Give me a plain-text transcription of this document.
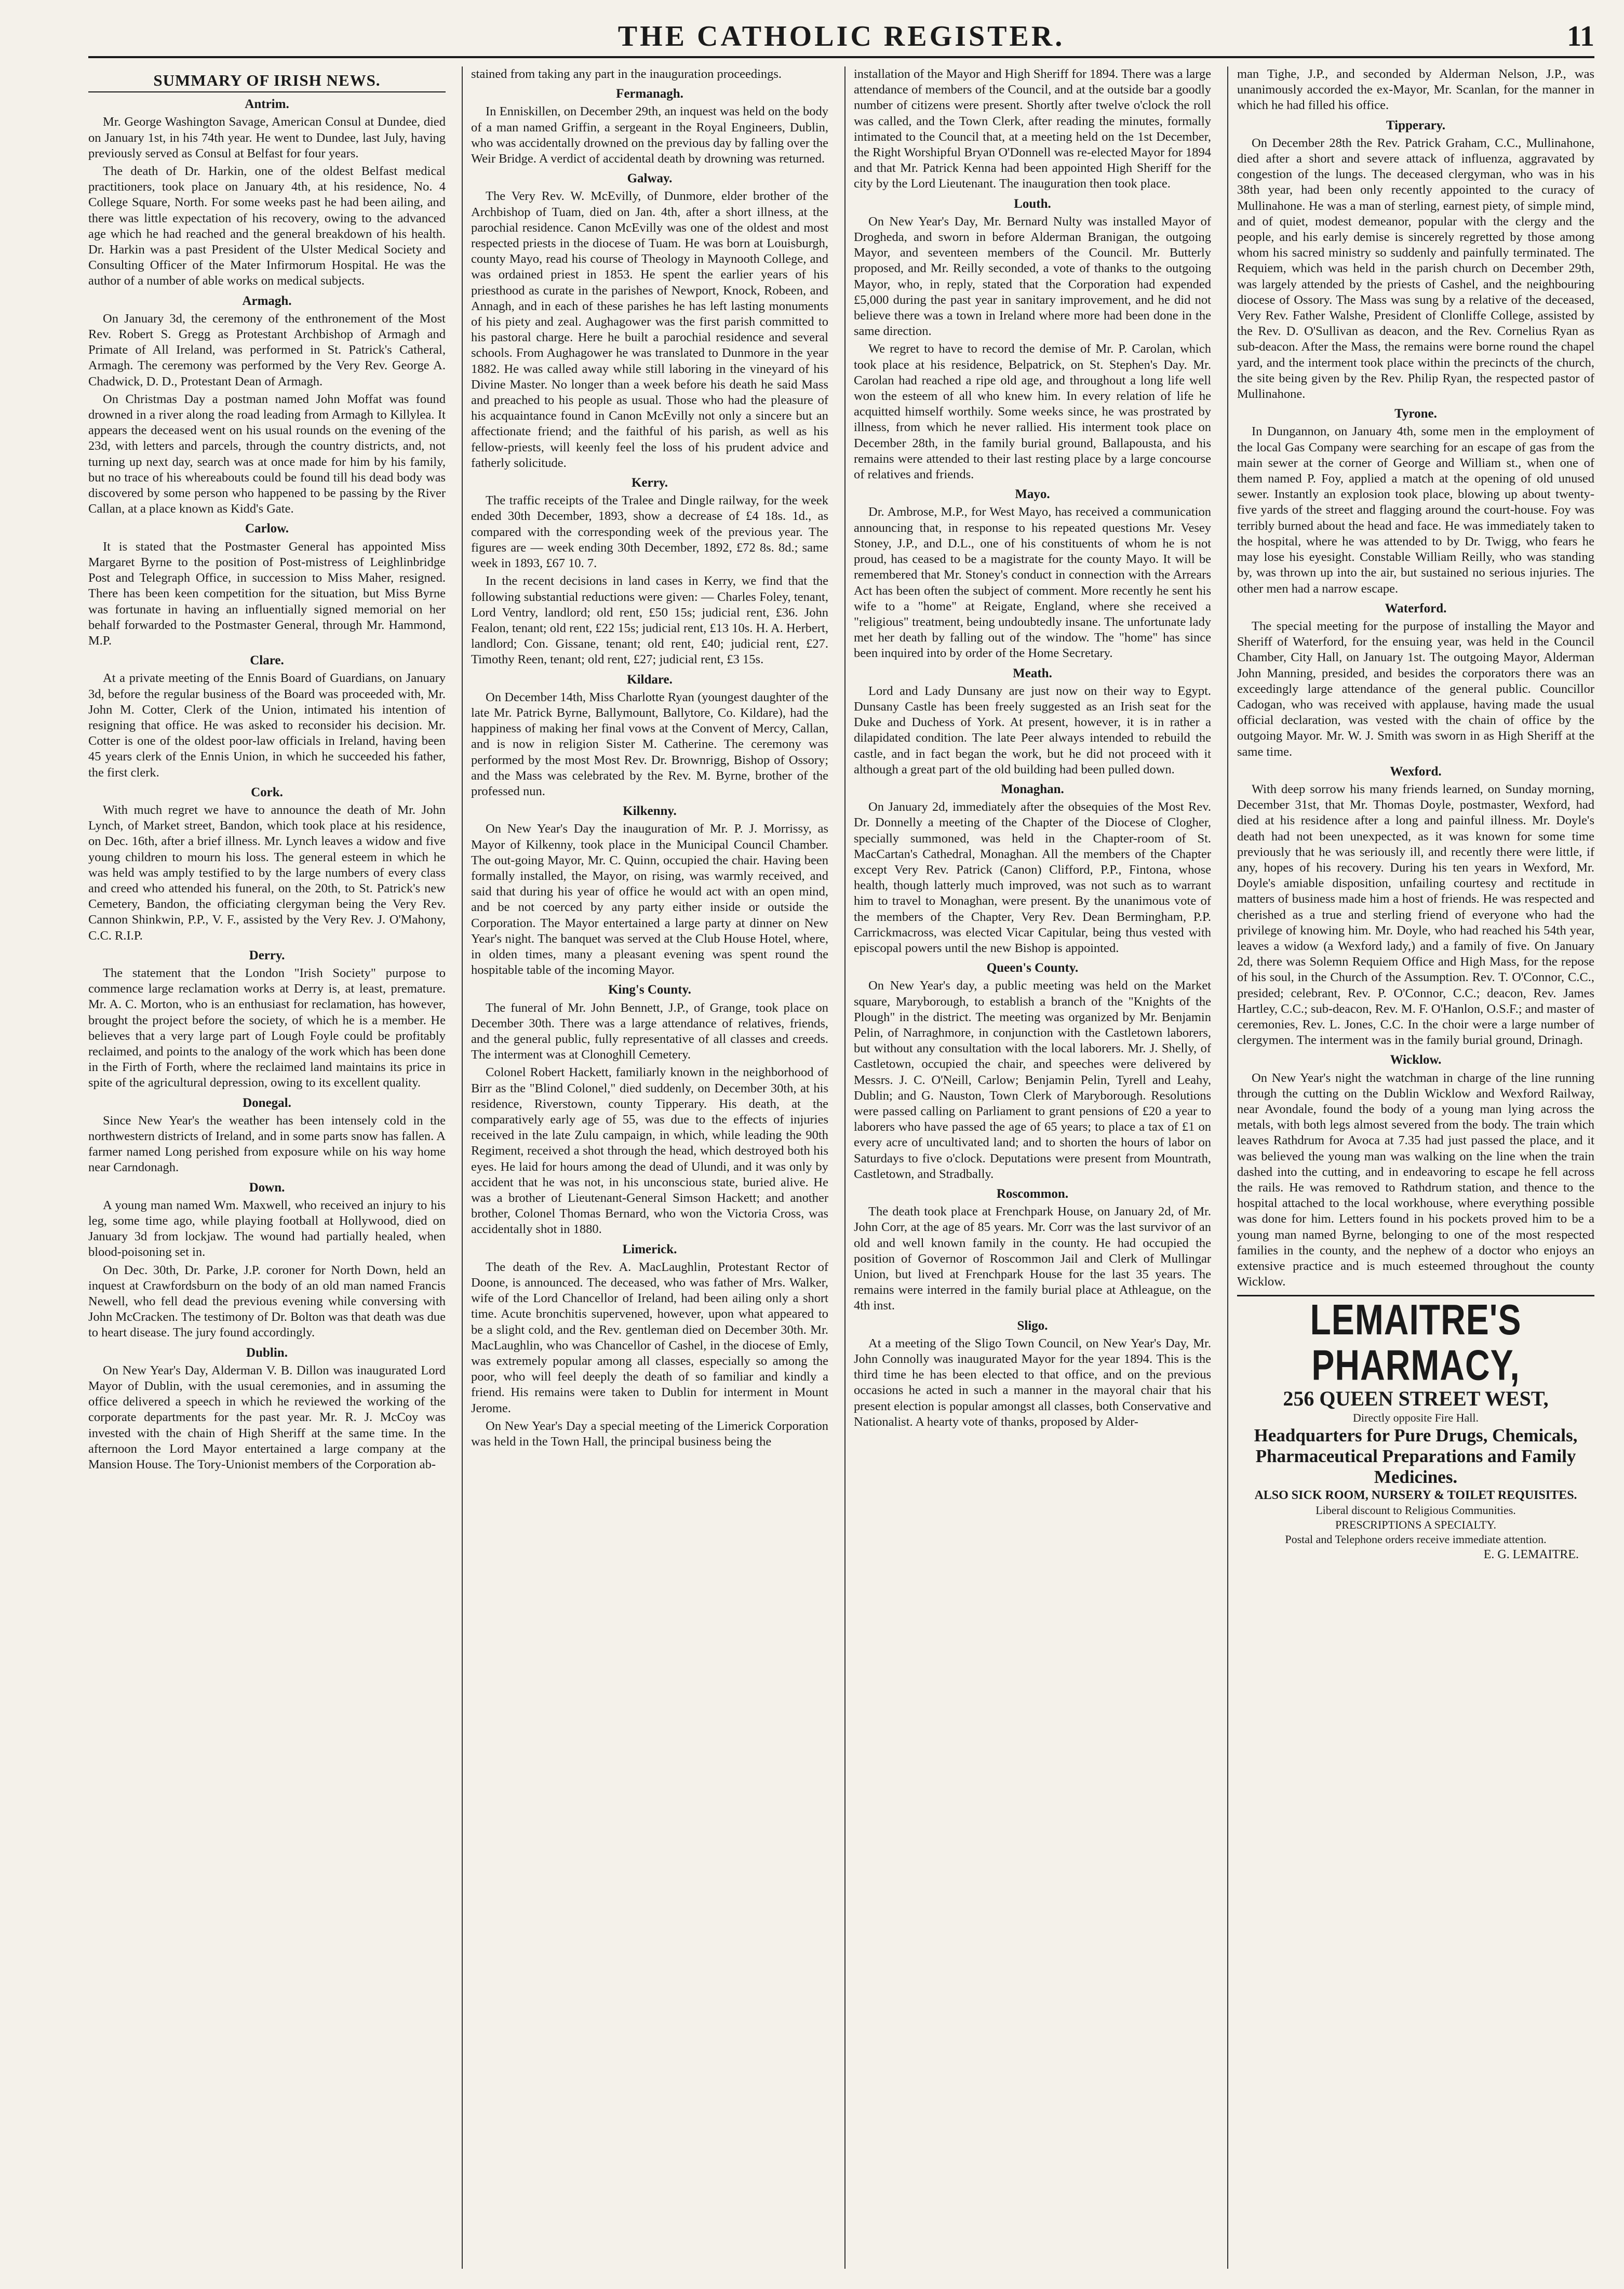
THE CATHOLIC REGISTER.	11
SUMMARY OF IRISH NEWS.
Antrim.

Mr. George Washington Savage, American Consul at Dundee, died on January 1st, in his 74th year. He went to Dundee, last July, having previously served as Consul at Belfast for four years.

The death of Dr. Harkin, one of the oldest Belfast medical practitioners, took place on January 4th, at his residence, No. 4 College Square, North. For some weeks past he had been ailing, and there was little expectation of his recovery, owing to the advanced age which he had reached and the general breakdown of his health. Dr. Harkin was a past President of the Ulster Medical Society and Consulting Officer of the Mater Infirmorum Hospital. He was the author of a number of able works on medical subjects.

Armagh.

On January 3d, the ceremony of the enthronement of the Most Rev. Robert S. Gregg as Protestant Archbishop of Armagh and Primate of All Ireland, was performed in St. Patrick's Catheral, Armagh. The ceremony was performed by the Very Rev. George A. Chadwick, D. D., Protestant Dean of Armagh.

On Christmas Day a postman named John Moffat was found drowned in a river along the road leading from Armagh to Killylea. It appears the deceased went on his usual rounds on the evening of the 23d, with letters and parcels, through the country districts, and, not turning up next day, search was at once made for him by his family, but no trace of his whereabouts could be found till his dead body was discovered by some person who happened to be passing by the River Callan, at a place known as Kidd's Gate.

Carlow.

It is stated that the Postmaster General has appointed Miss Margaret Byrne to the position of Post-mistress of Leighlinbridge Post and Telegraph Office, in succession to Miss Maher, resigned. There has been keen competition for the situation, but Miss Byrne was fortunate in having an influentially signed memorial on her behalf forwarded to the Postmaster General, through Mr. Hammond, M.P.

Clare.

At a private meeting of the Ennis Board of Guardians, on January 3d, before the regular business of the Board was proceeded with, Mr. John M. Cotter, Clerk of the Union, intimated his intention of resigning that office. He was asked to reconsider his decision. Mr. Cotter is one of the oldest poor-law officials in Ireland, having been 45 years clerk of the Ennis Union, in which he succeeded his father, the first clerk.

Cork.

With much regret we have to announce the death of Mr. John Lynch, of Market street, Bandon, which took place at his residence, on Dec. 16th, after a brief illness. Mr. Lynch leaves a widow and five young children to mourn his loss. The general esteem in which he was held was amply testified to by the large numbers of every class and creed who attended his funeral, on the 20th, to St. Patrick's new Cemetery, Bandon, the officiating clergyman being the Very Rev. Cannon Shinkwin, P.P., V. F., assisted by the Very Rev. J. O'Mahony, C.C. R.I.P.

Derry.

The statement that the London "Irish Society" purpose to commence large reclamation works at Derry is, at least, premature. Mr. A. C. Morton, who is an enthusiast for reclamation, has however, brought the project before the society, of which he is a member. He believes that a very large part of Lough Foyle could be profitably reclaimed, and points to the analogy of the work which has been done in the Firth of Forth, where the reclaimed land maintains its price in spite of the agricultural depression, owing to its excellent quality.

Donegal.

Since New Year's the weather has been intensely cold in the northwestern districts of Ireland, and in some parts snow has fallen. A farmer named Long perished from exposure while on his way home near Carndonagh.

Down.

A young man named Wm. Maxwell, who received an injury to his leg, some time ago, while playing football at Hollywood, died on January 3d from lockjaw. The wound had partially healed, when blood-poisoning set in.

On Dec. 30th, Dr. Parke, J.P. coroner for North Down, held an inquest at Crawfordsburn on the body of an old man named Francis Newell, who fell dead the previous evening while conversing with John McCracken. The testimony of Dr. Bolton was that death was due to heart disease. The jury found accordingly.

Dublin.

On New Year's Day, Alderman V. B. Dillon was inaugurated Lord Mayor of Dublin, with the usual ceremonies, and in assuming the office delivered a speech in which he reviewed the working of the corporate departments for the past year. Mr. R. J. McCoy was invested with the chain of High Sheriff at the same time. In the afternoon the Lord Mayor entertained a large company at the Mansion House. The Tory-Unionist members of the Corporation ab-

stained from taking any part in the inauguration proceedings.

Fermanagh.

In Enniskillen, on December 29th, an inquest was held on the body of a man named Griffin, a sergeant in the Royal Engineers, Dublin, who was accidentally drowned on the previous day by falling over the Weir Bridge. A verdict of accidental death by drowning was returned.

Galway.

The Very Rev. W. McEvilly, of Dunmore, elder brother of the Archbishop of Tuam, died on Jan. 4th, after a short illness, at the parochial residence. Canon McEvilly was one of the oldest and most respected priests in the diocese of Tuam. He was born at Louisburgh, county Mayo, read his course of Theology in Maynooth College, and was ordained priest in 1853. He spent the earlier years of his priesthood as curate in the parishes of Newport, Knock, Robeen, and Annagh, and in each of these parishes he has left lasting monuments of his piety and zeal. Aughagower was the first parish committed to his pastoral charge. Here he built a parochial residence and several schools. From Aughagower he was translated to Dunmore in the year 1882. He was called away while still laboring in the vineyard of his Divine Master. No longer than a week before his death he said Mass and preached to his people as usual. Those who had the pleasure of his acquaintance found in Canon McEvilly not only a sincere but an affectionate friend; and the faithful of his parish, as well as his fellow-priests, will keenly feel the loss of his prudent advice and fatherly solicitude.

Kerry.

The traffic receipts of the Tralee and Dingle railway, for the week ended 30th December, 1893, show a decrease of £4 18s. 1d., as compared with the corresponding week of the previous year. The figures are — week ending 30th December, 1892, £72 8s. 8d.; same week in 1893, £67 10. 7.

In the recent decisions in land cases in Kerry, we find that the following substantial reductions were given: — Charles Foley, tenant, Lord Ventry, landlord; old rent, £50 15s; judicial rent, £36. John Fealon, tenant; old rent, £22 15s; judicial rent, £13 10s. H. A. Herbert, landlord; Con. Gissane, tenant; old rent, £40; judicial rent, £27. Timothy Reen, tenant; old rent, £27; judicial rent, £3 15s.

Kildare.

On December 14th, Miss Charlotte Ryan (youngest daughter of the late Mr. Patrick Byrne, Ballymount, Ballytore, Co. Kildare), had the happiness of making her final vows at the Convent of Mercy, Callan, and is now in religion Sister M. Catherine. The ceremony was performed by the most Most Rev. Dr. Brownrigg, Bishop of Ossory; and the Mass was celebrated by the Rev. M. Byrne, brother of the professed nun.

Kilkenny.

On New Year's Day the inauguration of Mr. P. J. Morrissy, as Mayor of Kilkenny, took place in the Municipal Council Chamber. The out-going Mayor, Mr. C. Quinn, occupied the chair. Having been formally installed, the Mayor, on rising, was warmly received, and said that during his year of office he would act with an open mind, and be not coerced by any party either inside or outside the Corporation. The Mayor entertained a large party at dinner on New Year's night. The banquet was served at the Club House Hotel, where, in olden times, many a pleasant evening was spent round the hospitable table of the incoming Mayor.

King's County.

The funeral of Mr. John Bennett, J.P., of Grange, took place on December 30th. There was a large attendance of relatives, friends, and the general public, fully representative of all classes and creeds. The interment was at Clonoghill Cemetery.

Colonel Robert Hackett, familiarly known in the neighborhood of Birr as the "Blind Colonel," died suddenly, on December 30th, at his residence, Riverstown, county Tipperary. His death, at the comparatively early age of 55, was due to the effects of injuries received in the late Zulu campaign, in which, while leading the 90th Regiment, received a shot through the head, which destroyed both his eyes. He laid for hours among the dead of Ulundi, and it was only by accident that he was not, in his unconscious state, buried alive. He was a brother of Lieutenant-General Simson Hackett; and another brother, Colonel Thomas Bernard, who won the Victoria Cross, was accidentally shot in 1880.

Limerick.

The death of the Rev. A. MacLaughlin, Protestant Rector of Doone, is announced. The deceased, who was father of Mrs. Walker, wife of the Lord Chancellor of Ireland, had been ailing only a short time. Acute bronchitis supervened, however, upon what appeared to be a slight cold, and the Rev. gentleman died on December 30th. Mr. MacLaughlin, who was Chancellor of Cashel, in the diocese of Emly, was extremely popular among all classes, especially so among the poor, who will feel deeply the death of so familiar and kindly a friend. His remains were taken to Dublin for interment in Mount Jerome.

On New Year's Day a special meeting of the Limerick Corporation was held in the Town Hall, the principal business being the

installation of the Mayor and High Sheriff for 1894. There was a large attendance of members of the Council, and at the outside bar a goodly number of citizens were present. Shortly after twelve o'clock the roll was called, and the Town Clerk, after reading the minutes, formally intimated to the Council that, at a meeting held on the 1st December, the Right Worshipful Bryan O'Donnell was re-elected Mayor for 1894 and that Mr. Patrick Kenna had been appointed High Sheriff for the city by the Lord Lieutenant. The inauguration then took place.

Louth.

On New Year's Day, Mr. Bernard Nulty was installed Mayor of Drogheda, and sworn in before Alderman Branigan, the outgoing Mayor, and seventeen members of the Council. Mr. Butterly proposed, and Mr. Reilly seconded, a vote of thanks to the outgoing Mayor, who, in reply, stated that the Corporation had expended £5,000 during the past year in sanitary improvement, and he did not believe there was a town in Ireland where more had been done in the same direction.

We regret to have to record the demise of Mr. P. Carolan, which took place at his residence, Belpatrick, on St. Stephen's Day. Mr. Carolan had reached a ripe old age, and throughout a long life well won the esteem of all who knew him. In every relation of life he acquitted himself worthily. Some weeks since, he was prostrated by illness, from which he never rallied. His interment took place on December 28th, in the family burial ground, Ballapousta, and his remains were attended to their last resting place by a large concourse of relatives and friends.

Mayo.

Dr. Ambrose, M.P., for West Mayo, has received a communication announcing that, in response to his repeated questions Mr. Vesey Stoney, J.P., and D.L., one of his constituents of whom he is not proud, has ceased to be a magistrate for the county Mayo. It will be remembered that Mr. Stoney's conduct in connection with the Arrears Act has been often the subject of comment. More recently he sent his wife to a "home" at Reigate, England, where she received a "religious" treatment, being undoubtedly insane. The unfortunate lady met her death by falling out of the window. The "home" has since been inquired into by order of the Home Secretary.

Meath.

Lord and Lady Dunsany are just now on their way to Egypt. Dunsany Castle has been freely suggested as an Irish seat for the Duke and Duchess of York. At present, however, it is in rather a dilapidated condition. The late Peer always intended to rebuild the castle, and in fact began the work, but he did not proceed with it although a great part of the old building had been pulled down.

Monaghan.

On January 2d, immediately after the obsequies of the Most Rev. Dr. Donnelly a meeting of the Chapter of the Diocese of Clogher, specially summoned, was held in the Chapter-room of St. MacCartan's Cathedral, Monaghan. All the members of the Chapter except Very Rev. Patrick (Canon) Clifford, P.P., Fintona, whose health, though latterly much improved, was not such as to warrant him to travel to Monaghan, were present. By the unanimous vote of the members of the Chapter, Very Rev. Dean Bermingham, P.P. Carrickmacross, was elected Vicar Capitular, being thus vested with episcopal powers until the new Bishop is appointed.

Queen's County.

On New Year's day, a public meeting was held on the Market square, Maryborough, to establish a branch of the "Knights of the Plough" in the district. The meeting was organized by Mr. Benjamin Pelin, of Narraghmore, in conjunction with the Castletown laborers, but without any consultation with the local laborers. Mr. J. Shelly, of Castletown, occupied the chair, and speeches were delivered by Messrs. J. C. O'Neill, Carlow; Benjamin Pelin, Tyrell and Leahy, Dublin; and G. Nauston, Town Clerk of Maryborough. Resolutions were passed calling on Parliament to grant pensions of £20 a year to laborers who have passed the age of 65 years; to place a tax of £1 on every acre of uncultivated land; and to shorten the hours of labor on Saturdays to five o'clock. Deputations were present from Mountrath, Castletown, and Stradbally.

Roscommon.

The death took place at Frenchpark House, on January 2d, of Mr. John Corr, at the age of 85 years. Mr. Corr was the last survivor of an old and well known family in the county. He had occupied the position of Governor of Roscommon Jail and Clerk of Mullingar Union, but lived at Frenchpark House for the last 35 years. The remains were interred in the family burial place at Athleague, on the 4th inst.

Sligo.

At a meeting of the Sligo Town Council, on New Year's Day, Mr. John Connolly was inaugurated Mayor for the year 1894. This is the third time he has been elected to that office, and on the previous occasions he acted in such a manner in the mayoral chair that his present election is popular amongst all classes, both Conservative and Nationalist. A hearty vote of thanks, proposed by Alder-

man Tighe, J.P., and seconded by Alderman Nelson, J.P., was unanimously accorded the ex-Mayor, Mr. Scanlan, for the manner in which he had filled his office.

Tipperary.

On December 28th the Rev. Patrick Graham, C.C., Mullinahone, died after a short and severe attack of influenza, aggravated by congestion of the lungs. The deceased clergyman, who was in his 38th year, had been only recently appointed to the curacy of Mullinahone. He was a man of sterling, earnest piety, of simple mind, and of quiet, modest demeanor, popular with the clergy and the people, and his early demise is sincerely regretted by those among whom his sacred ministry so suddenly and painfully terminated. The Requiem, which was held in the parish church on December 29th, was largely attended by the priests of Cashel, and the neighbouring diocese of Ossory. The Mass was sung by a relative of the deceased, Very Rev. Father Walshe, President of Clonliffe College, assisted by the Rev. D. O'Sullivan as deacon, and the Rev. Cornelius Ryan as sub-deacon. After the Mass, the remains were borne round the chapel yard, and the interment took place within the precincts of the church, the site being given by the Rev. Philip Ryan, the respected pastor of Mullinahone.

Tyrone.

In Dungannon, on January 4th, some men in the employment of the local Gas Company were searching for an escape of gas from the main sewer at the corner of George and William st., when one of them named P. Foy, applied a match at the opening of old unused sewer. Instantly an explosion took place, blowing up about twenty-five yards of the street and flagging around the court-house. Foy was terribly burned about the head and face. He was immediately taken to the hospital, where he was attended to by Dr. Twigg, who fears he may lose his eyesight. Constable William Reilly, who was standing by, was thrown up into the air, but sustained no serious injuries. The other men had a narrow escape.

Waterford.

The special meeting for the purpose of installing the Mayor and Sheriff of Waterford, for the ensuing year, was held in the Council Chamber, City Hall, on January 1st. The outgoing Mayor, Alderman John Manning, presided, and besides the corporators there was an exceedingly large attendance of the general public. Councillor Cadogan, who was received with applause, having made the usual official declaration, was vested with the chain of office by the outgoing Mayor. Mr. W. J. Smith was sworn in as High Sheriff at the same time.

Wexford.

With deep sorrow his many friends learned, on Sunday morning, December 31st, that Mr. Thomas Doyle, postmaster, Wexford, had died at his residence after a long and painful illness. Mr. Doyle's death had not been unexpected, as it was known for some time previously that he was seriously ill, and recently there were little, if any, hopes of his recovery. During his ten years in Wexford, Mr. Doyle's amiable disposition, unfailing courtesy and rectitude in matters of business made him a host of friends. He was respected and cherished as a true and sterling friend of everyone who had the privilege of knowing him. Mr. Doyle, who had reached his 54th year, leaves a widow (a Wexford lady,) and a family of five. On January 2d, there was Solemn Requiem Office and High Mass, for the repose of his soul, in the Church of the Assumption. Rev. T. O'Connor, C.C., presided; celebrant, Rev. P. O'Connor, C.C.; deacon, Rev. James Hartley, C.C.; sub-deacon, Rev. M. F. O'Hanlon, O.S.F.; and master of ceremonies, Rev. L. Jones, C.C. In the choir were a large number of clergymen. The interment was in the family burial ground, Drinagh.

Wicklow.

On New Year's night the watchman in charge of the line running through the cutting on the Dublin Wicklow and Wexford Railway, near Avondale, found the body of a young man lying across the metals, with both legs almost severed from the body. The train which leaves Rathdrum for Avoca at 7.35 had just passed the place, and it was believed the young man was walking on the line when the train dashed into the cutting, and in endeavoring to escape he fell across the rails. He was removed to Rathdrum station, and thence to the hospital attached to the local workhouse, where everything possible was done for him. Letters found in his pockets proved him to be a young man named Byrne, belonging to one of the most respected families in the county, and the nephew of a doctor who enjoys an extensive practice and is much esteemed throughout the county Wicklow.

LEMAITRE'S PHARMACY,
256 QUEEN STREET WEST,
Directly opposite Fire Hall.
Headquarters for Pure Drugs, Chemicals, Pharmaceutical Preparations and Family Medicines.
ALSO SICK ROOM, NURSERY & TOILET REQUISITES.
Liberal discount to Religious Communities.
PRESCRIPTIONS A SPECIALTY.
Postal and Telephone orders receive immediate attention.
E. G. LEMAITRE.
